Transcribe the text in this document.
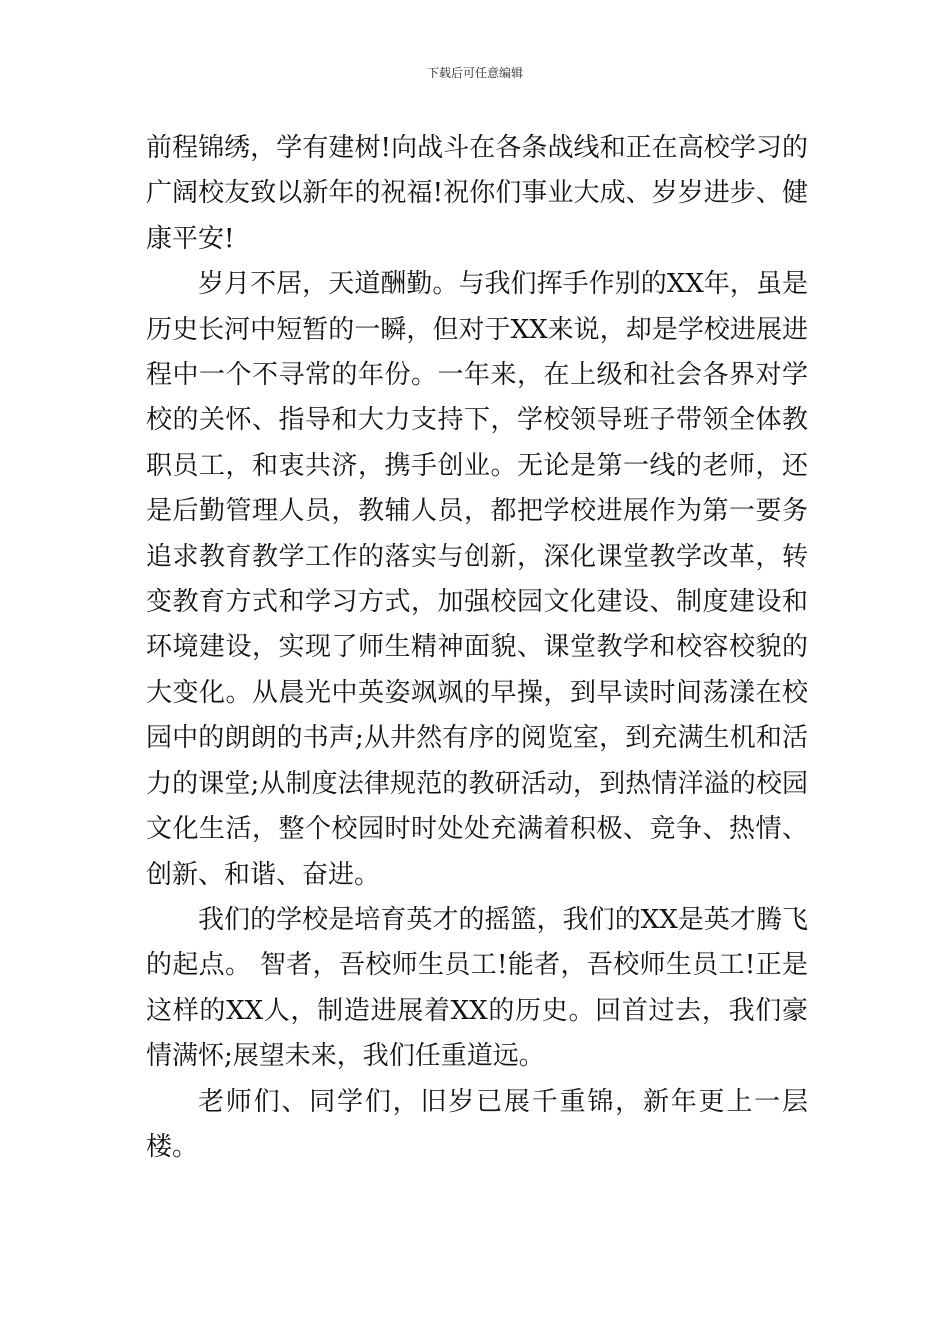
下载后可任意编辑

前程锦绣，学有建树!向战斗在各条战线和正在高校学习的广阔校友致以新年的祝福!祝你们事业大成、岁岁进步、健康平安!

岁月不居，天道酬勤。与我们挥手作别的XX年，虽是历史长河中短暂的一瞬，但对于XX来说，却是学校进展进程中一个不寻常的年份。一年来，在上级和社会各界对学校的关怀、指导和大力支持下，学校领导班子带领全体教职员工，和衷共济，携手创业。无论是第一线的老师，还是后勤管理人员，教辅人员，都把学校进展作为第一要务追求教育教学工作的落实与创新，深化课堂教学改革，转变教育方式和学习方式，加强校园文化建设、制度建设和环境建设，实现了师生精神面貌、课堂教学和校容校貌的大变化。从晨光中英姿飒飒的早操，到早读时间荡漾在校园中的朗朗的书声;从井然有序的阅览室，到充满生机和活力的课堂;从制度法律规范的教研活动，到热情洋溢的校园文化生活，整个校园时时处处充满着积极、竞争、热情、创新、和谐、奋进。

我们的学校是培育英才的摇篮，我们的XX是英才腾飞的起点。 智者，吾校师生员工!能者，吾校师生员工!正是这样的XX人，制造进展着XX的历史。回首过去，我们豪情满怀;展望未来，我们任重道远。

老师们、同学们，旧岁已展千重锦，新年更上一层楼。
